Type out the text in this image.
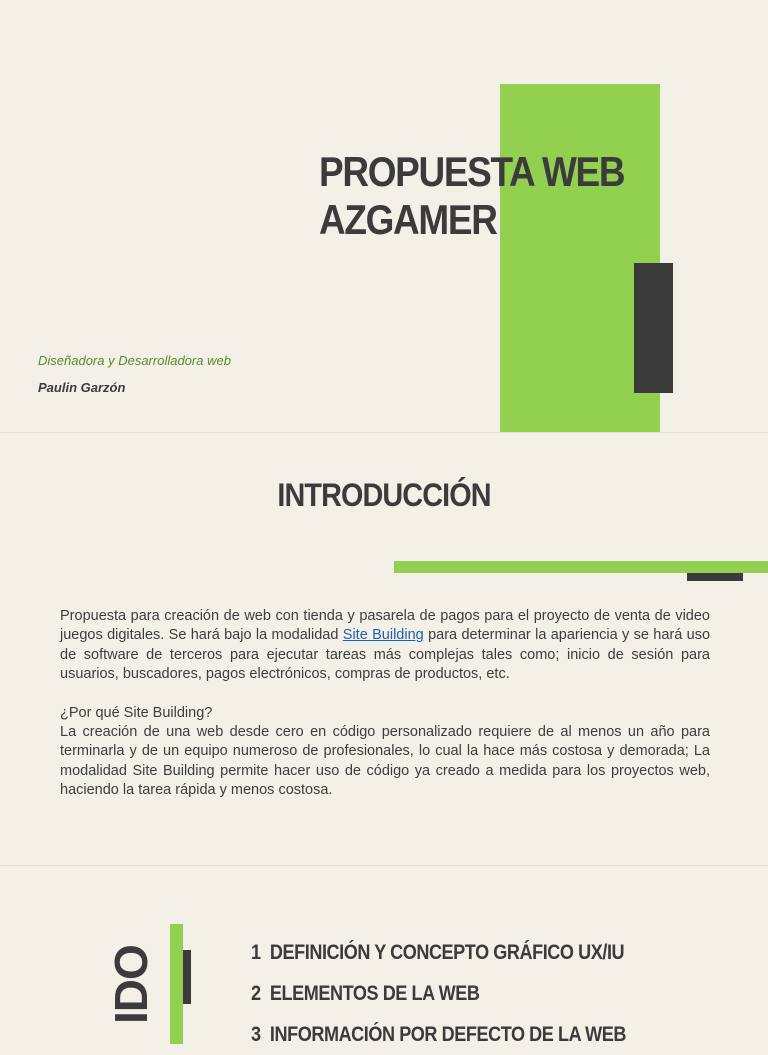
PROPUESTA WEB
AZGAMER
Diseñadora y Desarrolladora web
Paulin Garzón
INTRODUCCIÓN

Propuesta para creación de web con tienda y pasarela de pagos para el proyecto de venta de video juegos digitales. Se hará bajo la modalidad Site Building para determinar la apariencia y se hará uso de software de terceros para ejecutar tareas más complejas tales como; inicio de sesión para usuarios, buscadores, pagos electrónicos, compras de productos, etc.

¿Por qué Site Building?

La creación de una web desde cero en código personalizado requiere de al menos un año para terminarla y de un equipo numeroso de profesionales, lo cual la hace más costosa y demorada; La modalidad Site Building permite hacer uso de código ya creado a medida para los proyectos web, haciendo la tarea rápida y menos costosa.

IDO	1 DEFINICIÓN Y CONCEPTO GRÁFICO UX/IU
2 ELEMENTOS DE LA WEB
3 INFORMACIÓN POR DEFECTO DE LA WEB
